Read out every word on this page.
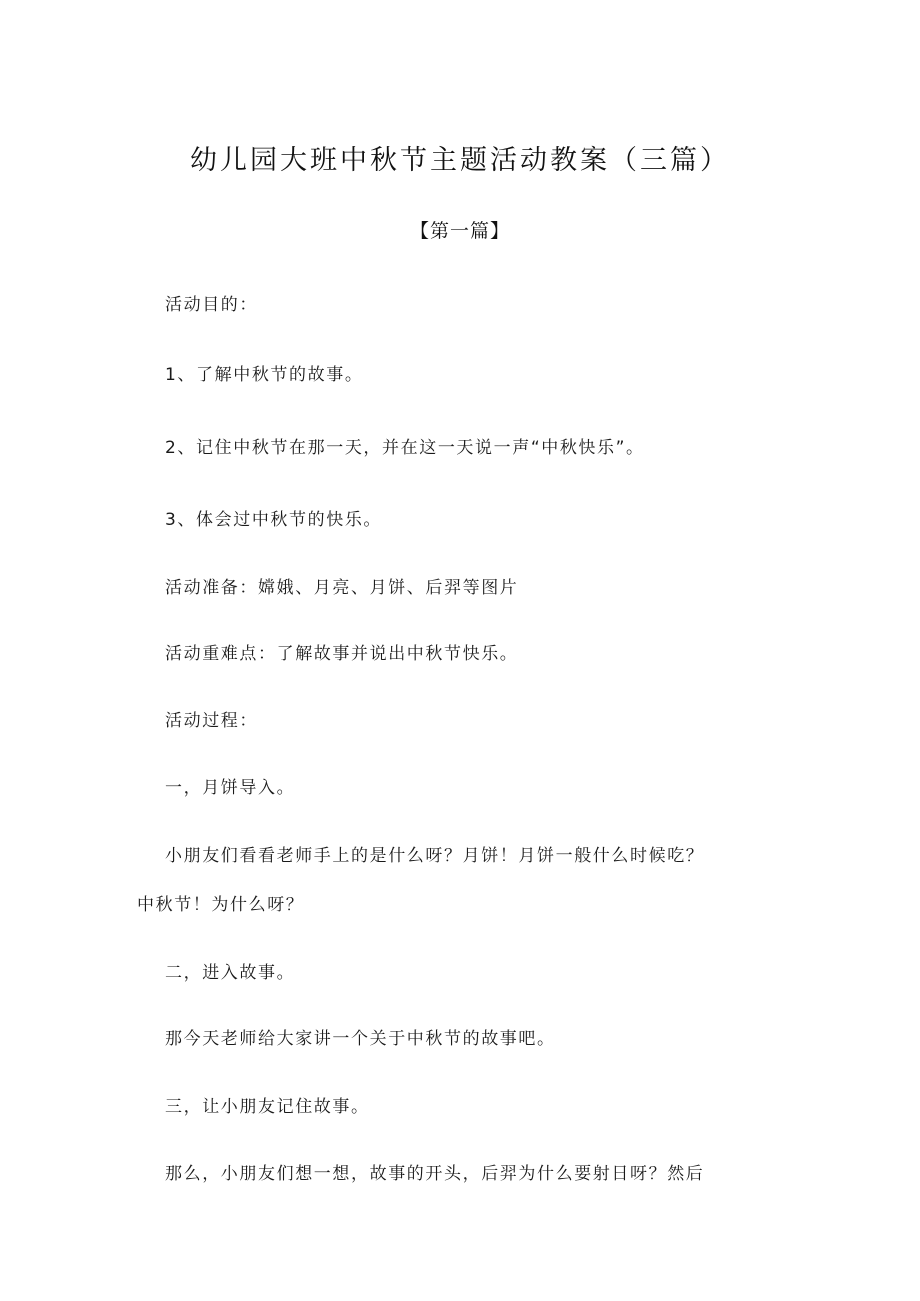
幼儿园大班中秋节主题活动教案（三篇）
【第一篇】
活动目的：
1、了解中秋节的故事。
2、记住中秋节在那一天，并在这一天说一声“中秋快乐”。
3、体会过中秋节的快乐。
活动准备：嫦娥、月亮、月饼、后羿等图片
活动重难点：了解故事并说出中秋节快乐。
活动过程：
一，月饼导入。
小朋友们看看老师手上的是什么呀？月饼！月饼一般什么时候吃？
中秋节！为什么呀？
二，进入故事。
那今天老师给大家讲一个关于中秋节的故事吧。
三，让小朋友记住故事。
那么，小朋友们想一想，故事的开头，后羿为什么要射日呀？然后
